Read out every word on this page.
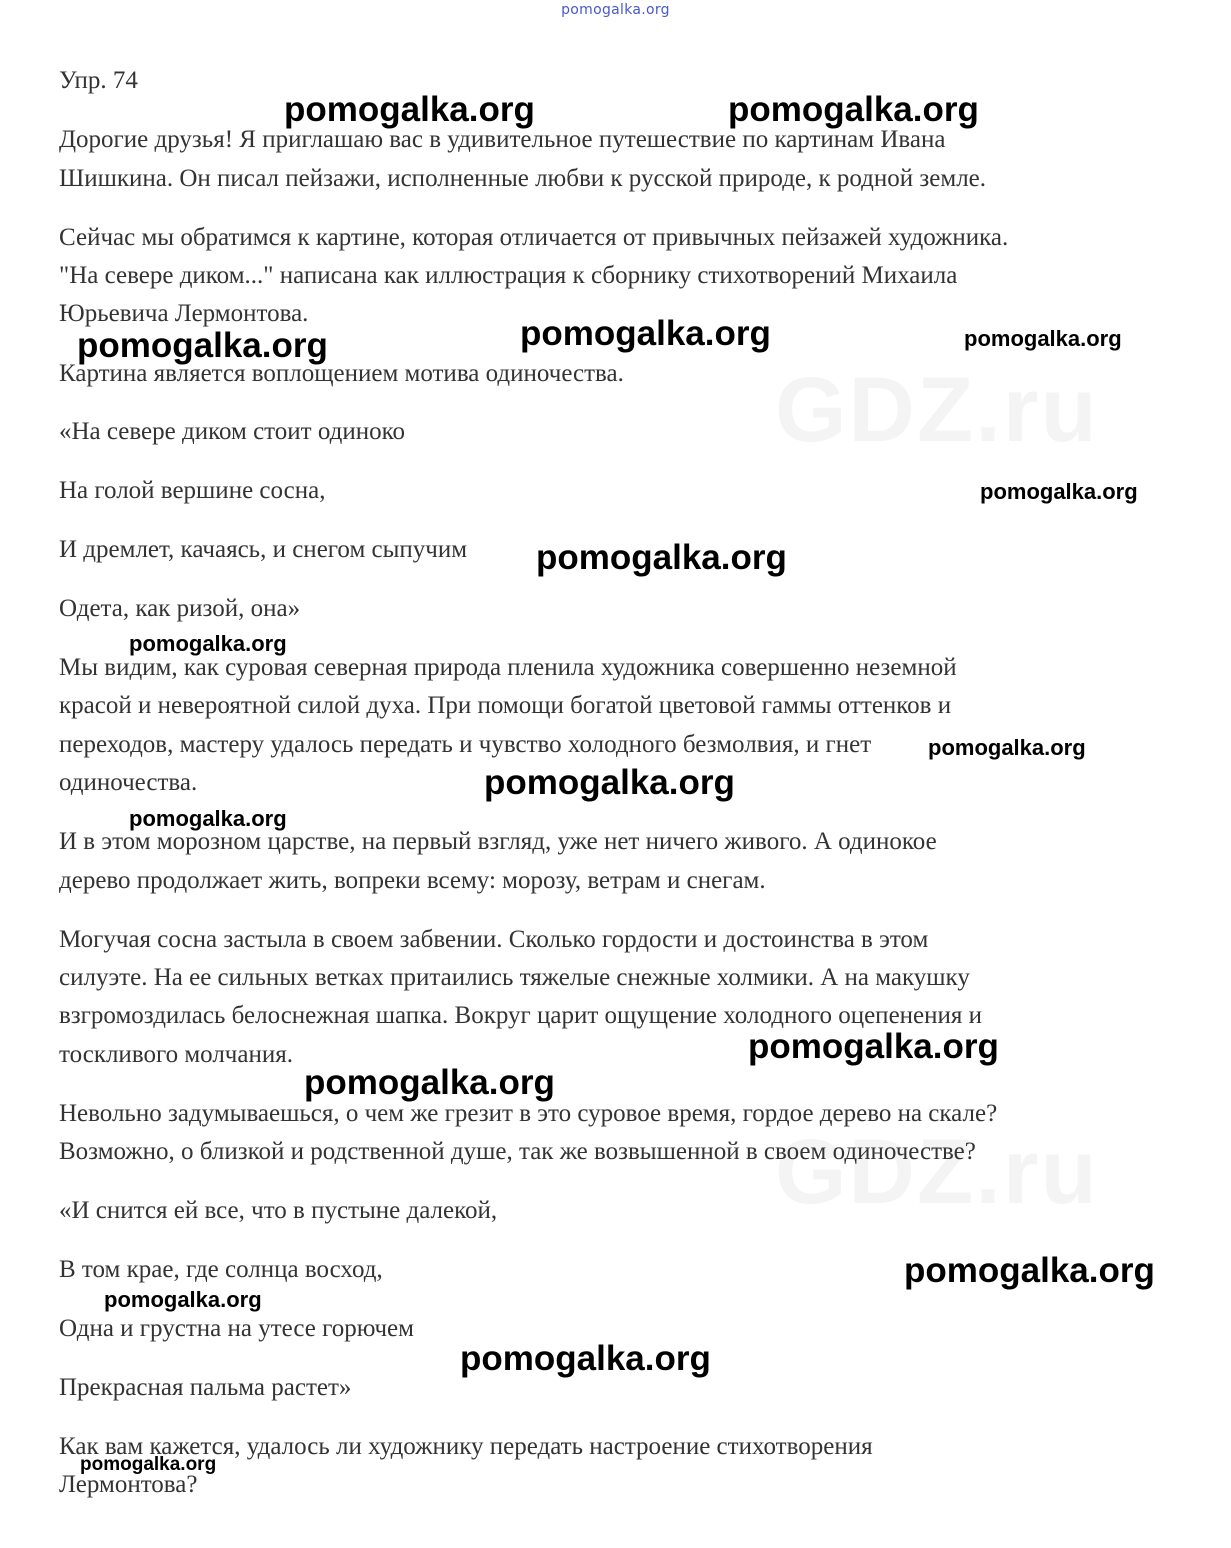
pomogalka.org
GDZ.ru
GDZ.ru
Упр. 74
Дорогие друзья! Я приглашаю вас в удивительное путешествие по картинам Ивана
Шишкина. Он писал пейзажи, исполненные любви к русской природе, к родной земле.
Сейчас мы обратимся к картине, которая отличается от привычных пейзажей художника.
"На севере диком..." написана как иллюстрация к сборнику стихотворений Михаила
Юрьевича Лермонтова.
Картина является воплощением мотива одиночества.
«На севере диком стоит одиноко
На голой вершине сосна,
И дремлет, качаясь, и снегом сыпучим
Одета, как ризой, она»
Мы видим, как суровая северная природа пленила художника совершенно неземной
красой и невероятной силой духа. При помощи богатой цветовой гаммы оттенков и
переходов, мастеру удалось передать и чувство холодного безмолвия, и гнет
одиночества.
И в этом морозном царстве, на первый взгляд, уже нет ничего живого. А одинокое
дерево продолжает жить, вопреки всему: морозу, ветрам и снегам.
Могучая сосна застыла в своем забвении. Сколько гордости и достоинства в этом
силуэте. На ее сильных ветках притаились тяжелые снежные холмики. А на макушку
взгромоздилась белоснежная шапка. Вокруг царит ощущение холодного оцепенения и
тоскливого молчания.
Невольно задумываешься, о чем же грезит в это суровое время, гордое дерево на скале?
Возможно, о близкой и родственной душе, так же возвышенной в своем одиночестве?
«И снится ей все, что в пустыне далекой,
В том крае, где солнца восход,
Одна и грустна на утесе горючем
Прекрасная пальма растет»
Как вам кажется, удалось ли художнику передать настроение стихотворения
Лермонтова?
pomogalka.org	pomogalka.org
pomogalka.org
pomogalka.org	pomogalka.org
pomogalka.org
pomogalka.org
pomogalka.org
pomogalka.org
pomogalka.org
pomogalka.org
pomogalka.org
pomogalka.org
pomogalka.org
pomogalka.org
pomogalka.org
pomogalka.org
